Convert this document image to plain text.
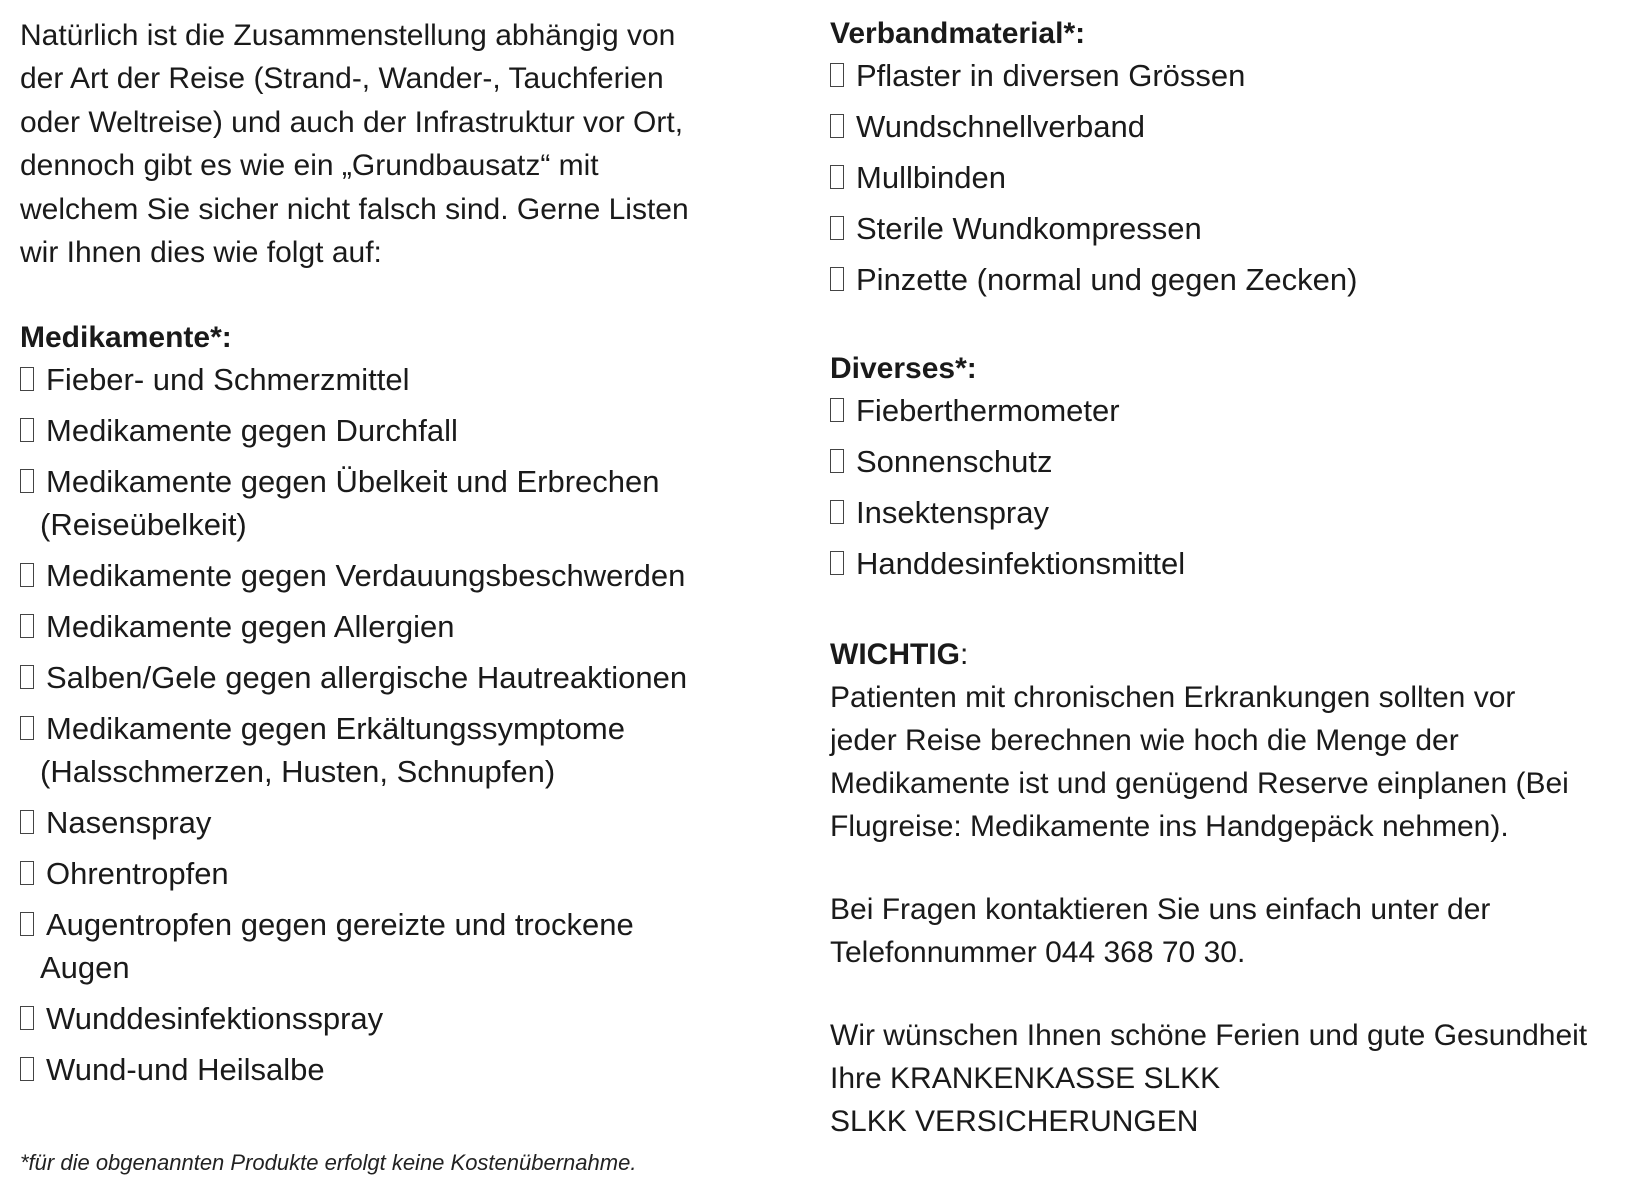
Natürlich ist die Zusammenstellung abhängig von
der Art der Reise (Strand-, Wander-, Tauchferien
oder Weltreise) und auch der Infrastruktur vor Ort,
dennoch gibt es wie ein „Grundbausatz“ mit
welchem Sie sicher nicht falsch sind. Gerne Listen
wir Ihnen dies wie folgt auf:

Medikamente*:
Fieber- und Schmerzmittel
Medikamente gegen Durchfall
Medikamente gegen Übelkeit und Erbrechen
(Reiseübelkeit)
Medikamente gegen Verdauungsbeschwerden
Medikamente gegen Allergien
Salben/Gele gegen allergische Hautreaktionen
Medikamente gegen Erkältungssymptome
(Halsschmerzen, Husten, Schnupfen)
Nasenspray
Ohrentropfen
Augentropfen gegen gereizte und trockene
Augen
Wunddesinfektionsspray
Wund-und Heilsalbe

*für die obgenannten Produkte erfolgt keine Kostenübernahme.

Verbandmaterial*:
Pflaster in diversen Grössen
Wundschnellverband
Mullbinden
Sterile Wundkompressen
Pinzette (normal und gegen Zecken)
Diverses*:
Fieberthermometer
Sonnenschutz
Insektenspray
Handdesinfektionsmittel

WICHTIG:
Patienten mit chronischen Erkrankungen sollten vor
jeder Reise berechnen wie hoch die Menge der
Medikamente ist und genügend Reserve einplanen (Bei
Flugreise: Medikamente ins Handgepäck nehmen).

Bei Fragen kontaktieren Sie uns einfach unter der
Telefonnummer 044 368 70 30.

Wir wünschen Ihnen schöne Ferien und gute Gesundheit
Ihre KRANKENKASSE SLKK
SLKK VERSICHERUNGEN
